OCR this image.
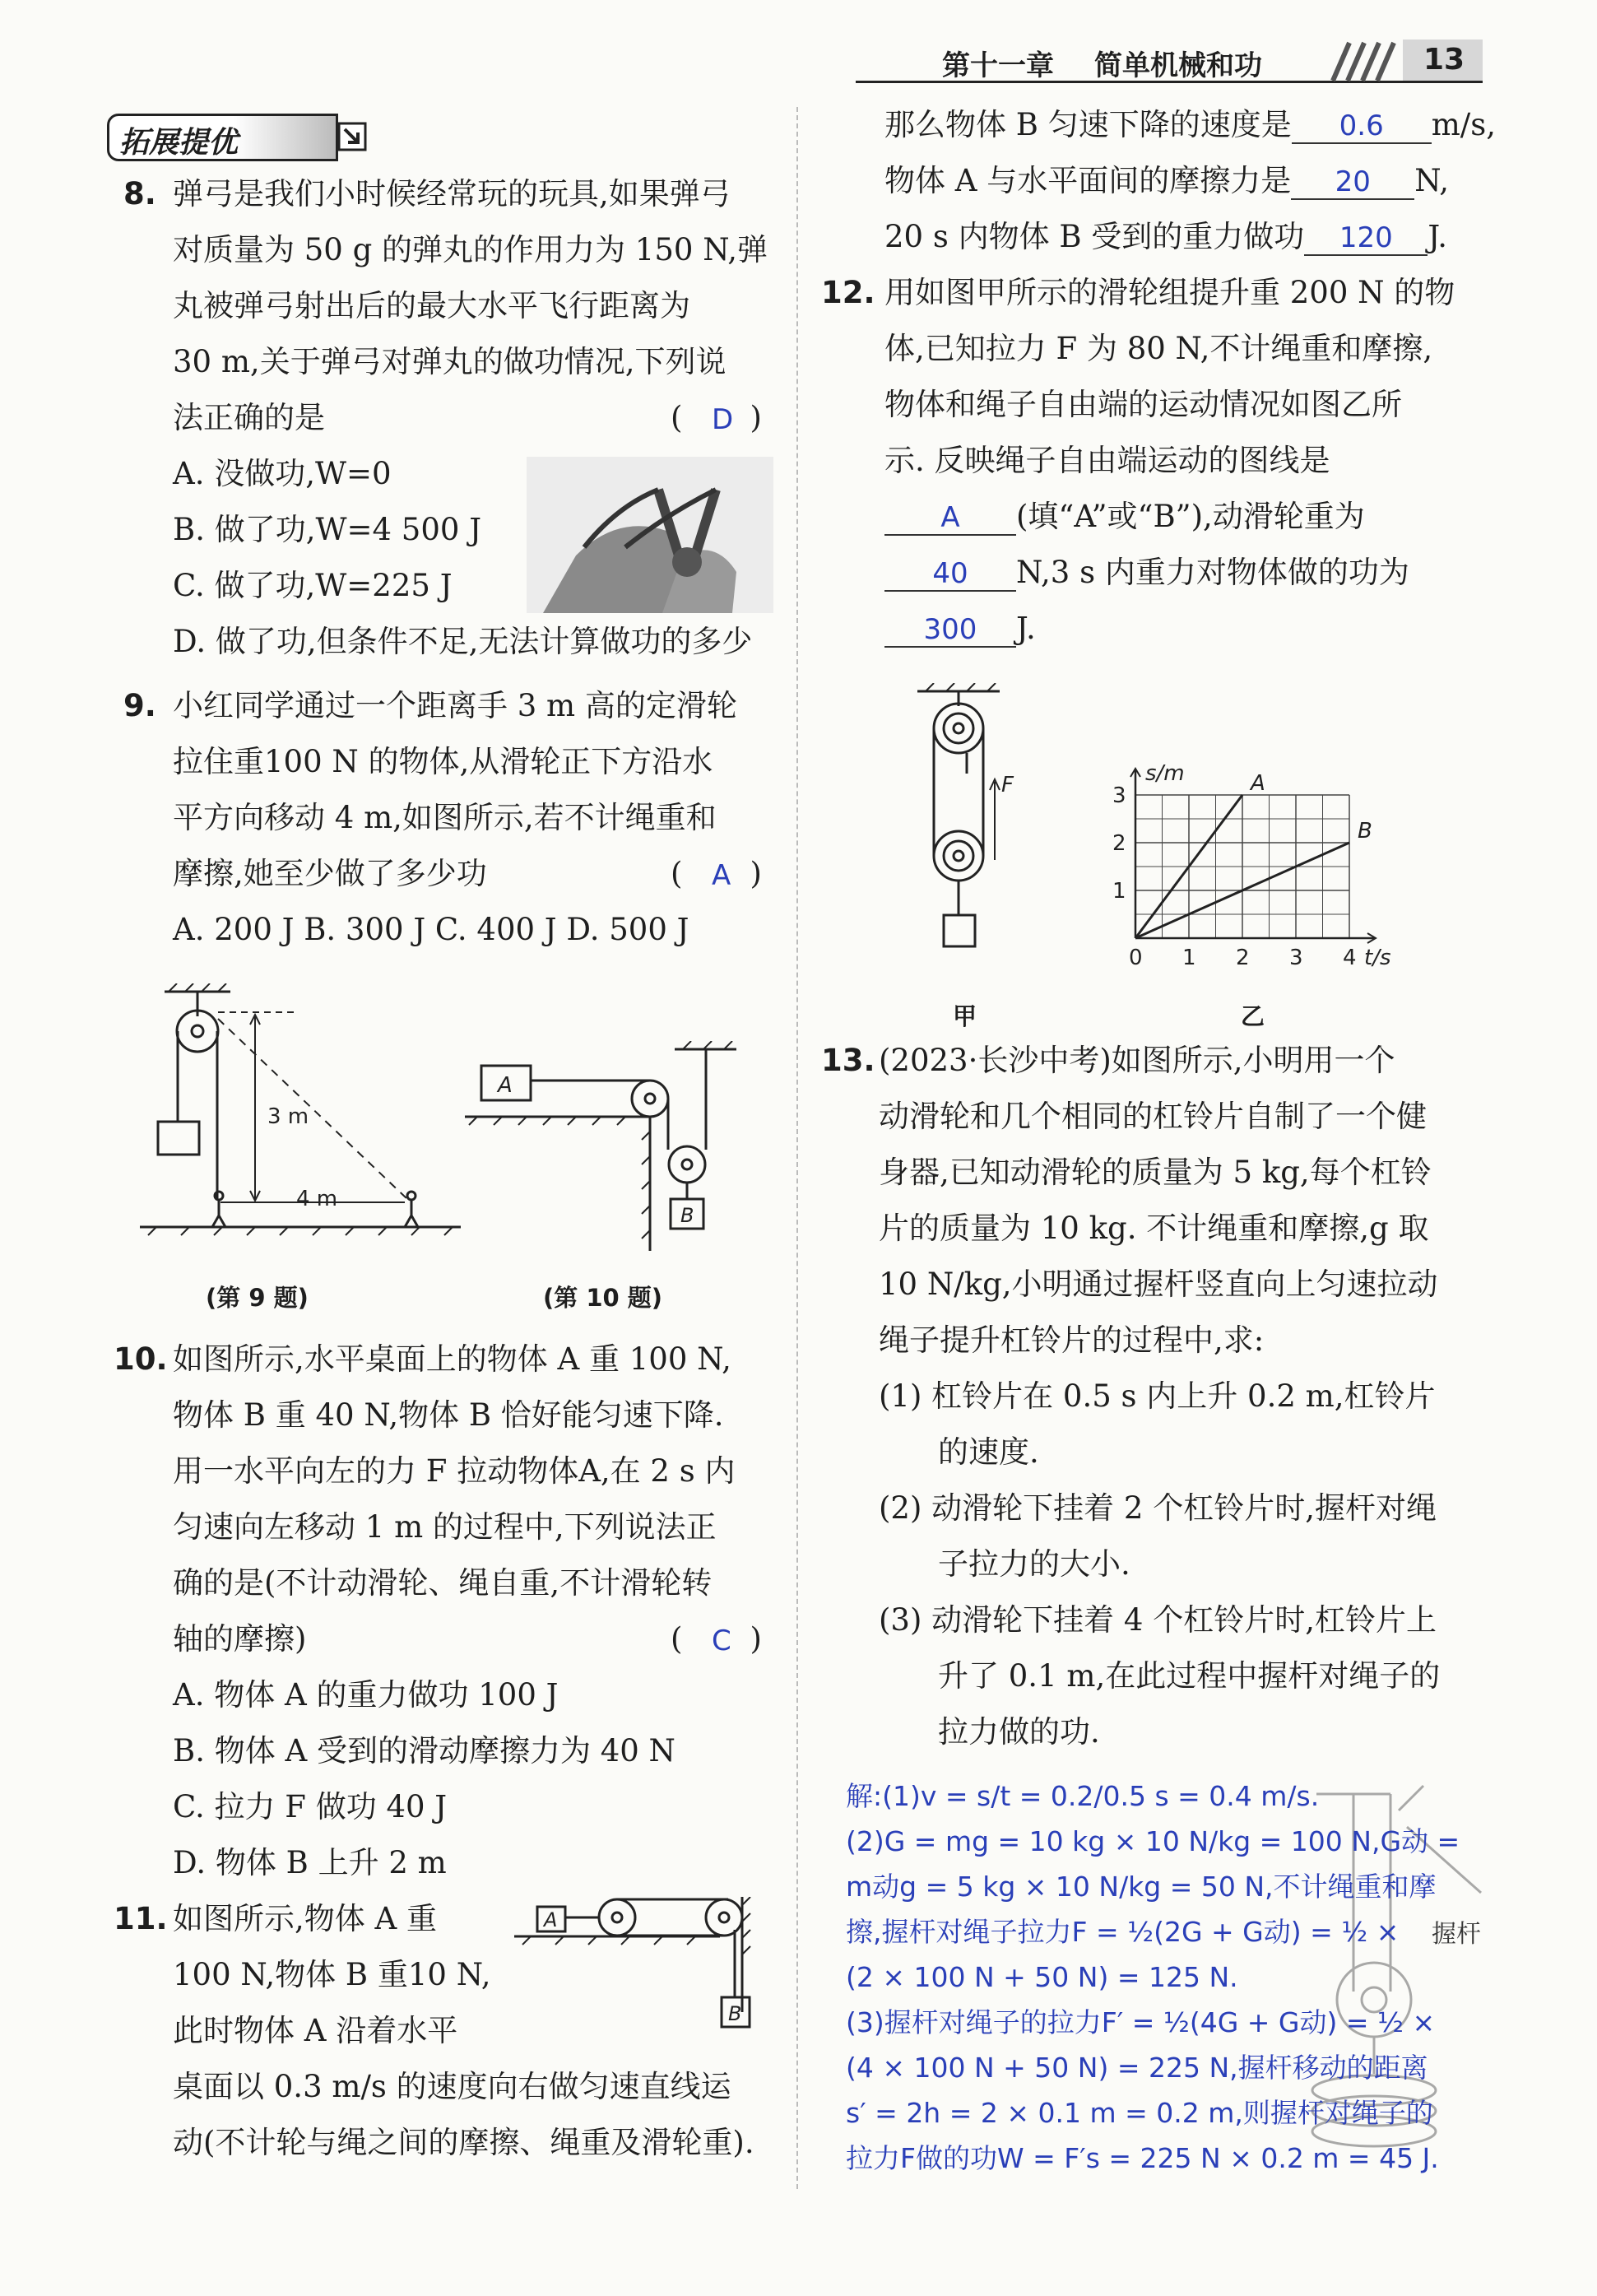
第十一章 简单机械和功	13
拓展提优
8. 弹弓是我们小时候经常玩的玩具,如果弹弓
对质量为 50 g 的弹丸的作用力为 150 N,弹
丸被弹弓射出后的最大水平飞行距离为
30 m,关于弹弓对弹丸的做功情况,下列说
法正确的是	( )
D
A. 没做功,W=0
B. 做了功,W=4 500 J
C. 做了功,W=225 J
D. 做了功,但条件不足,无法计算做功的多少
9. 小红同学通过一个距离手 3 m 高的定滑轮
拉住重100 N 的物体,从滑轮正下方沿水
平方向移动 4 m,如图所示,若不计绳重和
摩擦,她至少做了多少功	( )
A
A. 200 J B. 300 J C. 400 J D. 500 J
3 m
4 m
(第 9 题)
A
B
(第 10 题)
10. 如图所示,水平桌面上的物体 A 重 100 N,
物体 B 重 40 N,物体 B 恰好能匀速下降.
用一水平向左的力 F 拉动物体A,在 2 s 内
匀速向左移动 1 m 的过程中,下列说法正
确的是(不计动滑轮、绳自重,不计滑轮转
轴的摩擦)	( )
C
A. 物体 A 的重力做功 100 J
B. 物体 A 受到的滑动摩擦力为 40 N
C. 拉力 F 做功 40 J
D. 物体 B 上升 2 m
11. 如图所示,物体 A 重
100 N,物体 B 重10 N,
此时物体 A 沿着水平
桌面以 0.3 m/s 的速度向右做匀速直线运
动(不计轮与绳之间的摩擦、绳重及滑轮重).
A
B
那么物体 B 匀速下降的速度是 0.6 m/s,
物体 A 与水平面间的摩擦力是 20 N,
20 s 内物体 B 受到的重力做功 120 J.
12. 用如图甲所示的滑轮组提升重 200 N 的物
体,已知拉力 F 为 80 N,不计绳重和摩擦,
物体和绳子自由端的运动情况如图乙所
示. 反映绳子自由端运动的图线是
A (填“A”或“B”),动滑轮重为
40 N,3 s 内重力对物体做的功为
300 J.
F
甲
0 1 2 3 4
1
2
3
s/m
t/s
A
B
乙
13. (2023·长沙中考)如图所示,小明用一个
动滑轮和几个相同的杠铃片自制了一个健
身器,已知动滑轮的质量为 5 kg,每个杠铃
片的质量为 10 kg. 不计绳重和摩擦,g 取
10 N/kg,小明通过握杆竖直向上匀速拉动
绳子提升杠铃片的过程中,求:
(1) 杠铃片在 0.5 s 内上升 0.2 m,杠铃片
的速度.
(2) 动滑轮下挂着 2 个杠铃片时,握杆对绳
子拉力的大小.
(3) 动滑轮下挂着 4 个杠铃片时,杠铃片上
升了 0.1 m,在此过程中握杆对绳子的
拉力做的功.
握杆
解:(1)v = s/t = 0.2/0.5 s = 0.4 m/s.
(2)G = mg = 10 kg × 10 N/kg = 100 N,G动 =
m动g = 5 kg × 10 N/kg = 50 N,不计绳重和摩
擦,握杆对绳子拉力F = ½(2G + G动) = ½ ×
(2 × 100 N + 50 N) = 125 N.
(3)握杆对绳子的拉力F′ = ½(4G + G动) = ½ ×
(4 × 100 N + 50 N) = 225 N,握杆移动的距离
s′ = 2h = 2 × 0.1 m = 0.2 m,则握杆对绳子的
拉力F做的功W = F′s = 225 N × 0.2 m = 45 J.
